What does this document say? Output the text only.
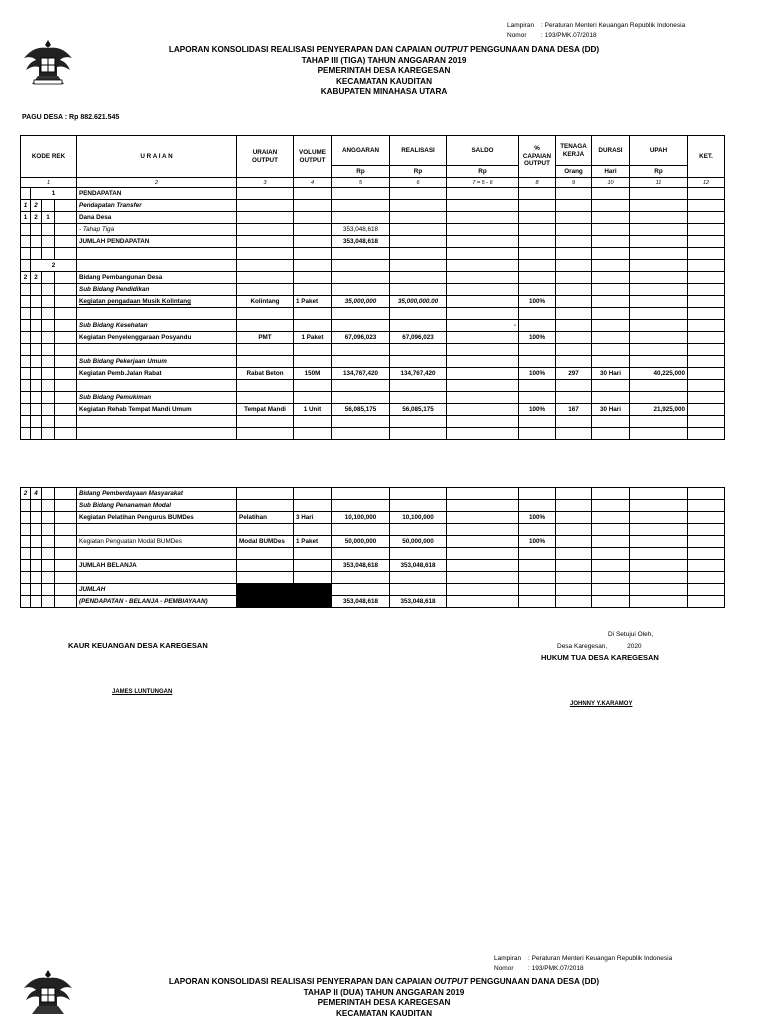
Lampiran : Peraturan Menteri Keuangan Republik Indonesia
Nomor : 193/PMK.07/2018
LAPORAN KONSOLIDASI REALISASI PENYERAPAN DAN CAPAIAN OUTPUT PENGGUNAAN DANA DESA (DD)
TAHAP III (TIGA) TAHUN ANGGARAN 2019
PEMERINTAH DESA KAREGESAN
KECAMATAN KAUDITAN
KABUPATEN MINAHASA UTARA
PAGU DESA : Rp 882.621.545
KODE REK				U R A I A N	URAIAN OUTPUT	VOLUME OUTPUT	ANGGARAN	REALISASI	SALDO	% CAPAIAN OUTPUT	TENAGA KERJA	DURASI	UPAH	KET.
							Rp	Rp	Rp		Orang	Hari	Rp	
1				2	3	4	5	6	7 = 5 - 6	8	9	10	11	12
	1			PENDAPATAN										
1	2			Pendapatan Transfer										
1	2	1		Dana Desa										
				- Tahap Tiga			353,048,618							
				JUMLAH PENDAPATAN			353,048,618							

	2													
2	2			Bidang Pembangunan Desa										
				Sub Bidang Pendidikan										
				Kegiatan pengadaan Musik Kolintang	Kolintang	1 Paket	35,000,000	35,000,000.00		100%				

				Sub Bidang Kesehatan					-					
				Kegiatan Penyelenggaraan Posyandu	PMT	1 Paket	67,096,023	67,096,023		100%				

				Sub Bidang Pekerjaan Umum										
				Kegiatan Pemb.Jalan Rabat	Rabat Beton	150M	134,767,420	134,767,420		100%	297	30 Hari	40,225,000	

				Sub Bidang Pemukiman										
				Kegiatan Rehab Tempat Mandi Umum	Tempat Mandi	1 Unit	56,085,175	56,085,175		100%	167	30 Hari	21,925,000	

2	4			Bidang Pemberdayaan Masyarakat										
				Sub Bidang Penanaman Modal										
				Kegiatan Pelatihan Pengurus BUMDes	Pelatihan	3 Hari	10,100,000	10,100,000		100%				

				Kegiatan Penguatan Modal BUMDes	Modal BUMDes	1 Paket	50,000,000	50,000,000		100%				

				JUMLAH BELANJA			353,048,618	353,048,618						

				JUMLAH										
				(PENDAPATAN - BELANJA - PEMBIAYAAN)			353,048,618	353,048,618						
Di Setujui Oleh,
KAUR KEUANGAN DESA KAREGESAN	Desa Karegesan,           2020
HUKUM TUA DESA KAREGESAN
JAMES LUNTUNGAN
JOHNNY Y.KARAMOY
Lampiran : Peraturan Menteri Keuangan Republik Indonesia
Nomor : 193/PMK.07/2018
LAPORAN KONSOLIDASI REALISASI PENYERAPAN DAN CAPAIAN OUTPUT PENGGUNAAN DANA DESA (DD)
TAHAP II (DUA) TAHUN ANGGARAN 2019
PEMERINTAH DESA KAREGESAN
KECAMATAN KAUDITAN
